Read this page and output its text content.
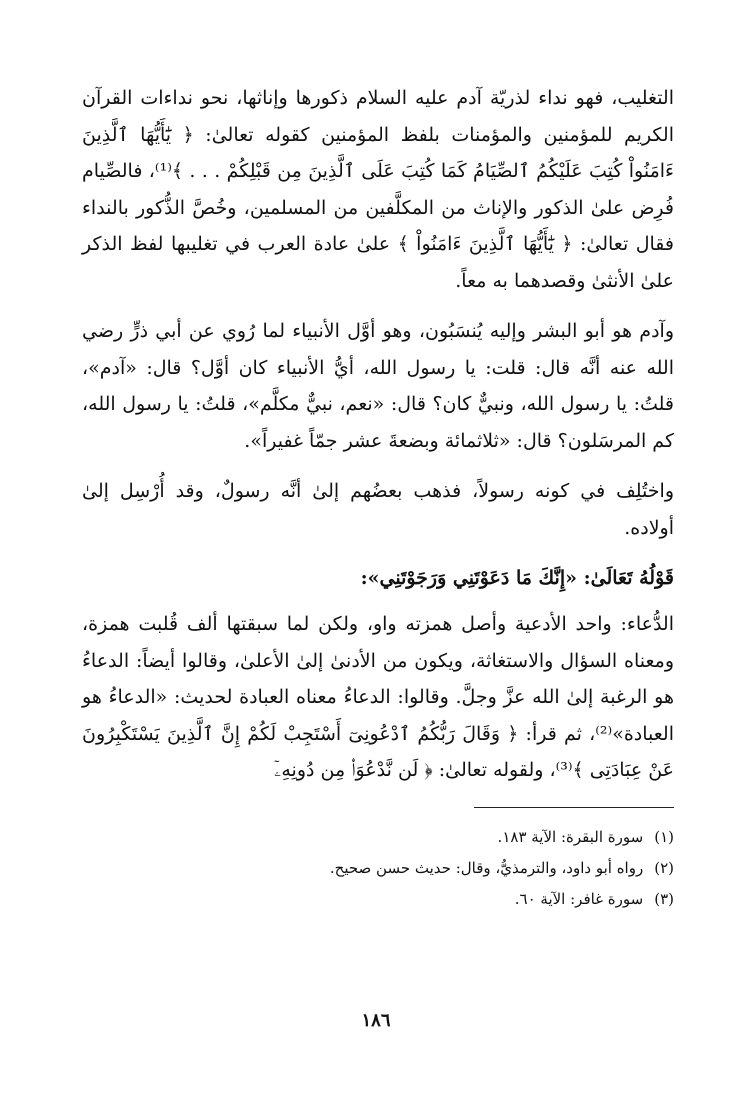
التغليب، فهو نداء لذريّة آدم عليه السلام ذكورها وإناثها، نحو نداءات القرآن الكريم للمؤمنين والمؤمنات بلفظ المؤمنين كقوله تعالىٰ: ﴿ يَٰٓأَيُّهَا ٱلَّذِينَ ءَامَنُواْ كُتِبَ عَلَيْكُمُ ٱلصِّيَامُ كَمَا كُتِبَ عَلَى ٱلَّذِينَ مِن قَبْلِكُمْ . . . ﴾⁽¹⁾، فالصِّيام فُرِض علىٰ الذكور والإناث من المكلَّفين من المسلمين، وخُصَّ الذُّكور بالنداء فقال تعالىٰ: ﴿ يَٰٓأَيُّهَا ٱلَّذِينَ ءَامَنُواْ ﴾ علىٰ عادة العرب في تغليبها لفظ الذكر علىٰ الأنثىٰ وقصدهما به معاً.

وآدم هو أبو البشر وإليه يُنسَبُون، وهو أوَّل الأنبياء لما رُوي عن أبي ذرٍّ رضي الله عنه أنَّه قال: قلت: يا رسول الله، أيُّ الأنبياء كان أوَّل؟ قال: «آدم»، قلتُ: يا رسول الله، ونبيٌّ كان؟ قال: «نعم، نبيٌّ مكلَّم»، قلتُ: يا رسول الله، كم المرسَلون؟ قال: «ثلاثمائة وبضعةَ عشر جمّاً غفيراً».

واختُلِف في كونه رسولاً، فذهب بعضُهم إلىٰ أنَّه رسولٌ، وقد أُرْسِل إلىٰ أولاده.

قَوْلُهُ تَعَالَىٰ: «إِنَّكَ مَا دَعَوْتَنِي وَرَجَوْتَنِي»:

الدُّعاء: واحد الأدعية وأصل همزته واو، ولكن لما سبقتها ألف قُلبت همزة، ومعناه السؤال والاستغاثة، ويكون من الأدنىٰ إلىٰ الأعلىٰ، وقالوا أيضاً: الدعاءُ هو الرغبة إلىٰ الله عزَّ وجلَّ. وقالوا: الدعاءُ معناه العبادة لحديث: «الدعاءُ هو العبادة»⁽²⁾، ثم قرأ: ﴿ وَقَالَ رَبُّكُمُ ٱدْعُونِىٓ أَسْتَجِبْ لَكُمْ إِنَّ ٱلَّذِينَ يَسْتَكْبِرُونَ عَنْ عِبَادَتِى ﴾⁽³⁾، ولقوله تعالىٰ: ﴿ لَن نَّدْعُوَاْ۟ مِن دُونِهِۦٓ

(١) سورة البقرة: الآية ١٨٣.
(٢) رواه أبو داود، والترمذيُّ، وقال: حديث حسن صحيح.
(٣) سورة غافر: الآية ٦٠.
١٨٦
